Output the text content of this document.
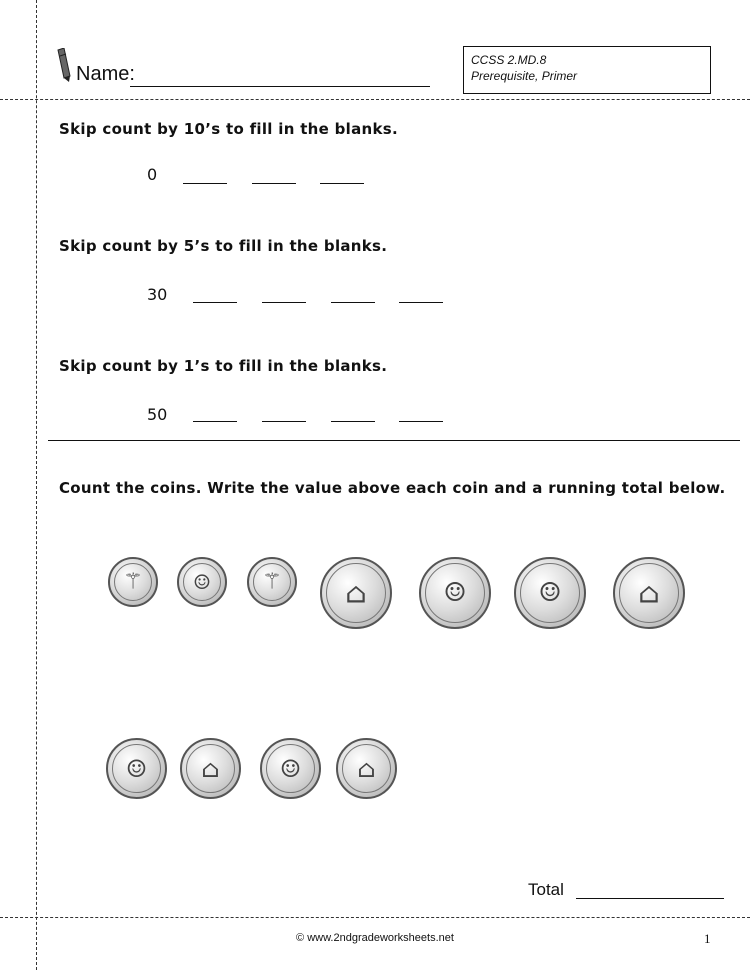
Name:
CCSS 2.MD.8
Prerequisite, Primer
Skip count by 10’s to fill in the blanks.
0
Skip count by 5’s to fill in the blanks.
30
Skip count by 1’s to fill in the blanks.
50
Count the coins. Write the value above each coin and a running total below.
⚚	☺ ⚚ ⌂	☺	☺	⌂
☺ ⌂	☺ ⌂
Total
© www.2ndgradeworksheets.net	1
